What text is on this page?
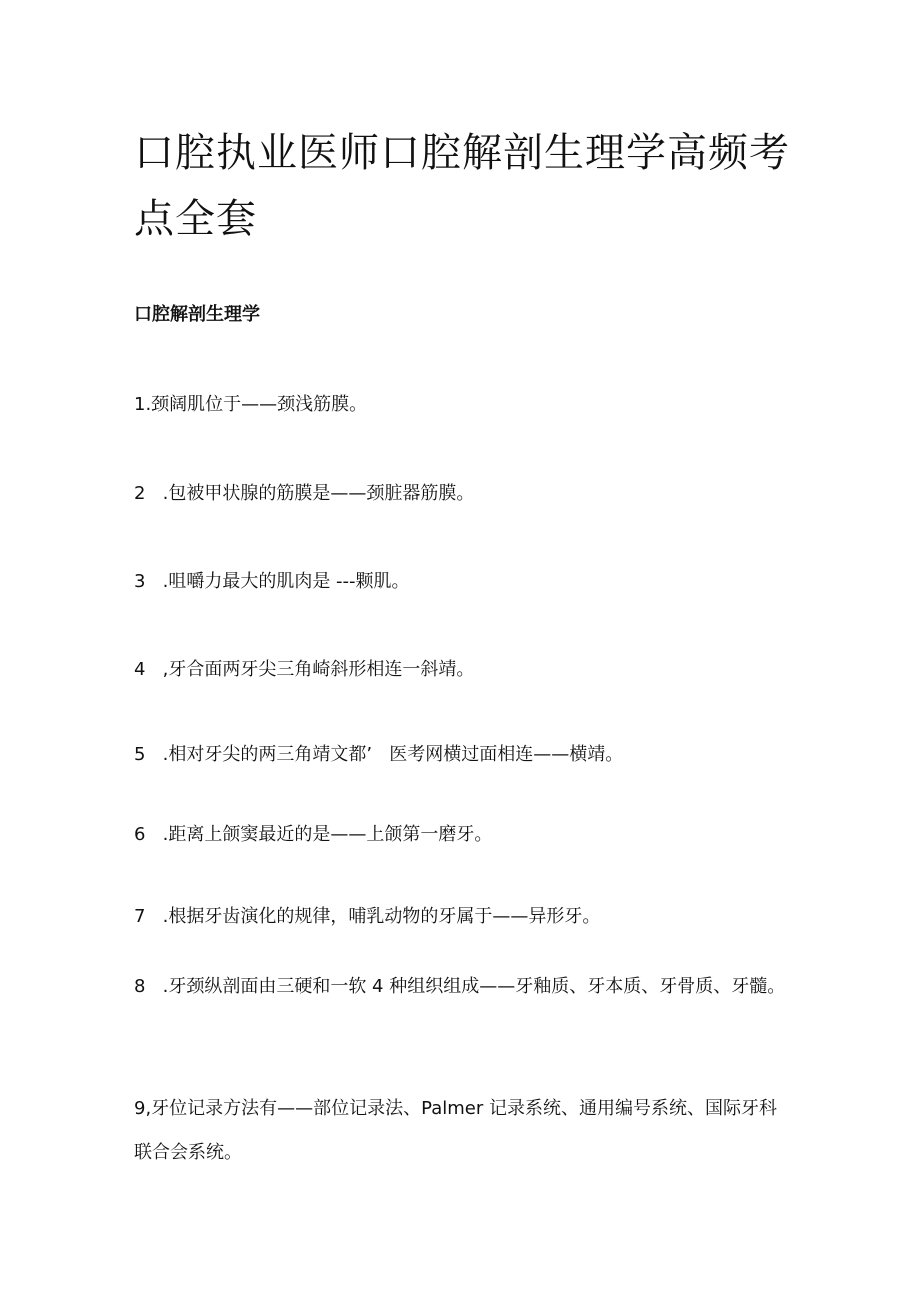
口腔执业医师口腔解剖生理学高频考点全套
口腔解剖生理学

1.颈阔肌位于——颈浅筋膜。

2   .包被甲状腺的筋膜是——颈脏器筋膜。

3   .咀嚼力最大的肌肉是 ---颗肌。

4   ,牙合面两牙尖三角崎斜形相连一斜靖。

5   .相对牙尖的两三角靖文都’   医考网横过面相连——横靖。

6   .距离上颌窦最近的是——上颌第一磨牙。

7   .根据牙齿演化的规律，哺乳动物的牙属于——异形牙。

8   .牙颈纵剖面由三硬和一软 4 种组织组成——牙釉质、牙本质、牙骨质、牙髓。

9,牙位记录方法有——部位记录法、Palmer 记录系统、通用编号系统、国际牙科联合会系统。
